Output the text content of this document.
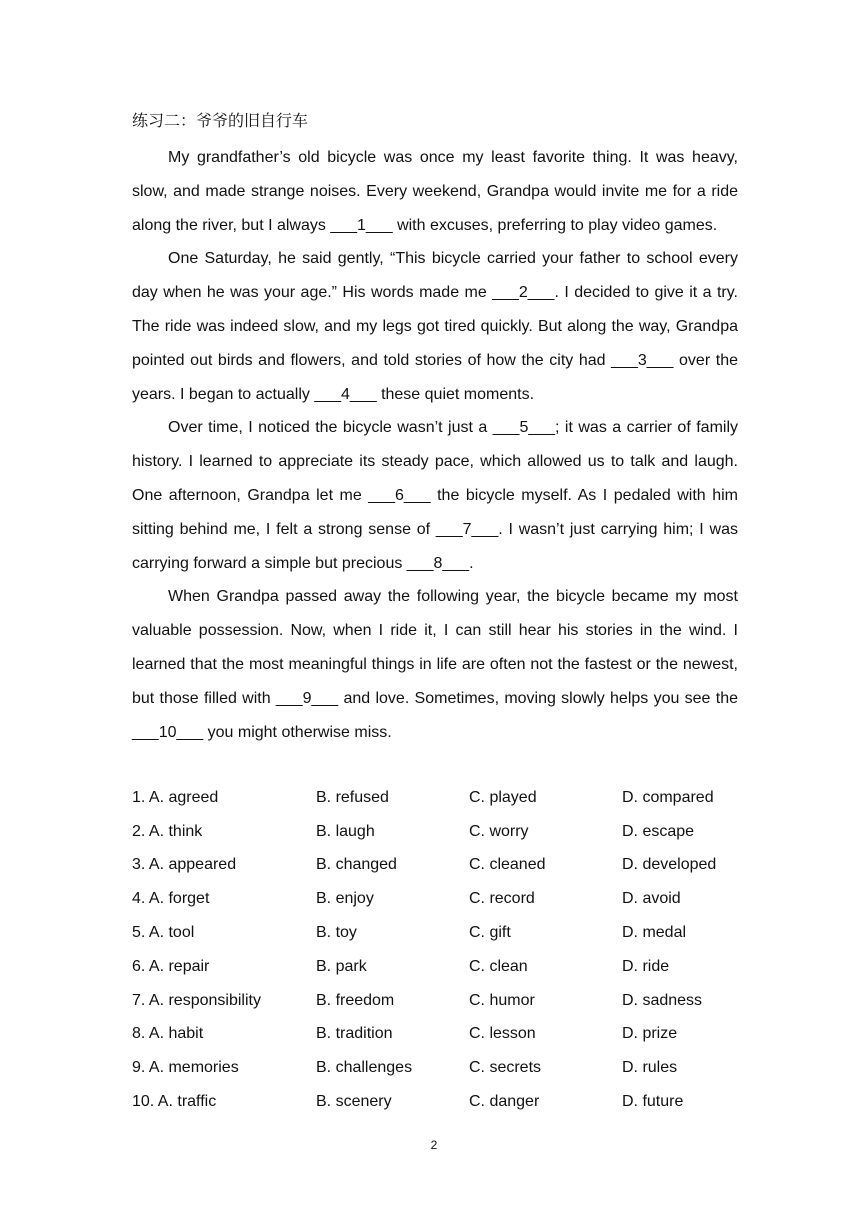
练习二：爷爷的旧自行车

My grandfather’s old bicycle was once my least favorite thing. It was heavy, slow, and made strange noises. Every weekend, Grandpa would invite me for a ride along the river, but I always ___1___ with excuses, preferring to play video games.

One Saturday, he said gently, “This bicycle carried your father to school every day when he was your age.” His words made me ___2___. I decided to give it a try. The ride was indeed slow, and my legs got tired quickly. But along the way, Grandpa pointed out birds and flowers, and told stories of how the city had ___3___ over the years. I began to actually ___4___ these quiet moments.

Over time, I noticed the bicycle wasn’t just a ___5___; it was a carrier of family history. I learned to appreciate its steady pace, which allowed us to talk and laugh. One afternoon, Grandpa let me ___6___ the bicycle myself. As I pedaled with him sitting behind me, I felt a strong sense of ___7___. I wasn’t just carrying him; I was carrying forward a simple but precious ___8___.

When Grandpa passed away the following year, the bicycle became my most valuable possession. Now, when I ride it, I can still hear his stories in the wind. I learned that the most meaningful things in life are often not the fastest or the newest, but those filled with ___9___ and love. Sometimes, moving slowly helps you see the ___10___ you might otherwise miss.

1. A. agreed	B. refused	C. played	D. compared
2. A. think	B. laugh	C. worry	D. escape
3. A. appeared	B. changed	C. cleaned	D. developed
4. A. forget	B. enjoy	C. record	D. avoid
5. A. tool	B. toy	C. gift	D. medal
6. A. repair	B. park	C. clean	D. ride
7. A. responsibility	B. freedom	C. humor	D. sadness
8. A. habit	B. tradition	C. lesson	D. prize
9. A. memories	B. challenges	C. secrets	D. rules
10. A. traffic	B. scenery	C. danger	D. future
2
